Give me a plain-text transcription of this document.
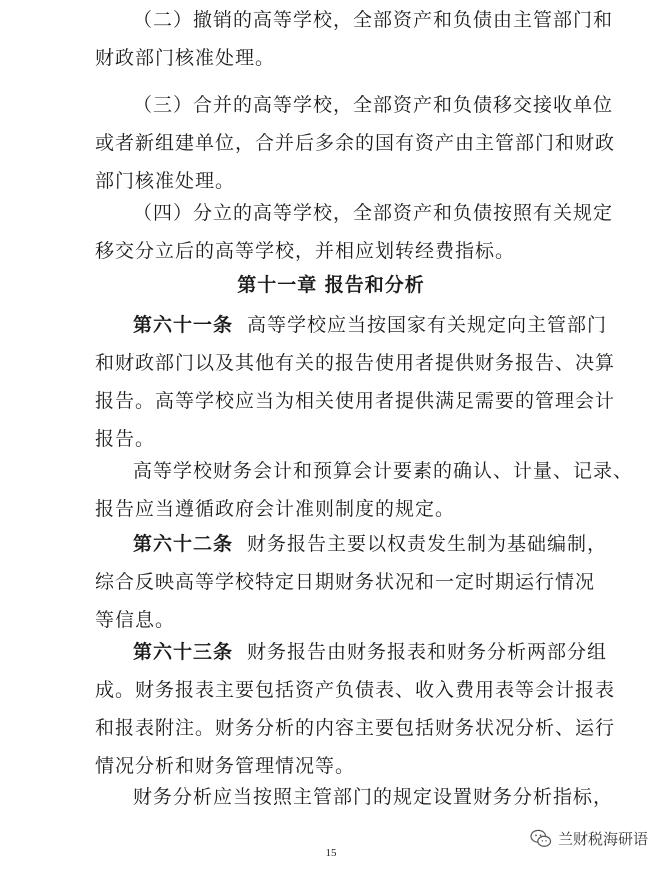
（二）撤销的高等学校，全部资产和负债由主管部门和
财政部门核准处理。

（三）合并的高等学校，全部资产和负债移交接收单位
或者新组建单位，合并后多余的国有资产由主管部门和财政
部门核准处理。

（四）分立的高等学校，全部资产和负债按照有关规定
移交分立后的高等学校，并相应划转经费指标。

第十一章 报告和分析

第六十一条 高等学校应当按国家有关规定向主管部门
和财政部门以及其他有关的报告使用者提供财务报告、决算
报告。高等学校应当为相关使用者提供满足需要的管理会计
报告。

高等学校财务会计和预算会计要素的确认、计量、记录、
报告应当遵循政府会计准则制度的规定。

第六十二条 财务报告主要以权责发生制为基础编制，
综合反映高等学校特定日期财务状况和一定时期运行情况
等信息。

第六十三条 财务报告由财务报表和财务分析两部分组
成。财务报表主要包括资产负债表、收入费用表等会计报表
和报表附注。财务分析的内容主要包括财务状况分析、运行
情况分析和财务管理情况等。

财务分析应当按照主管部门的规定设置财务分析指标，

15
兰财税海研语
